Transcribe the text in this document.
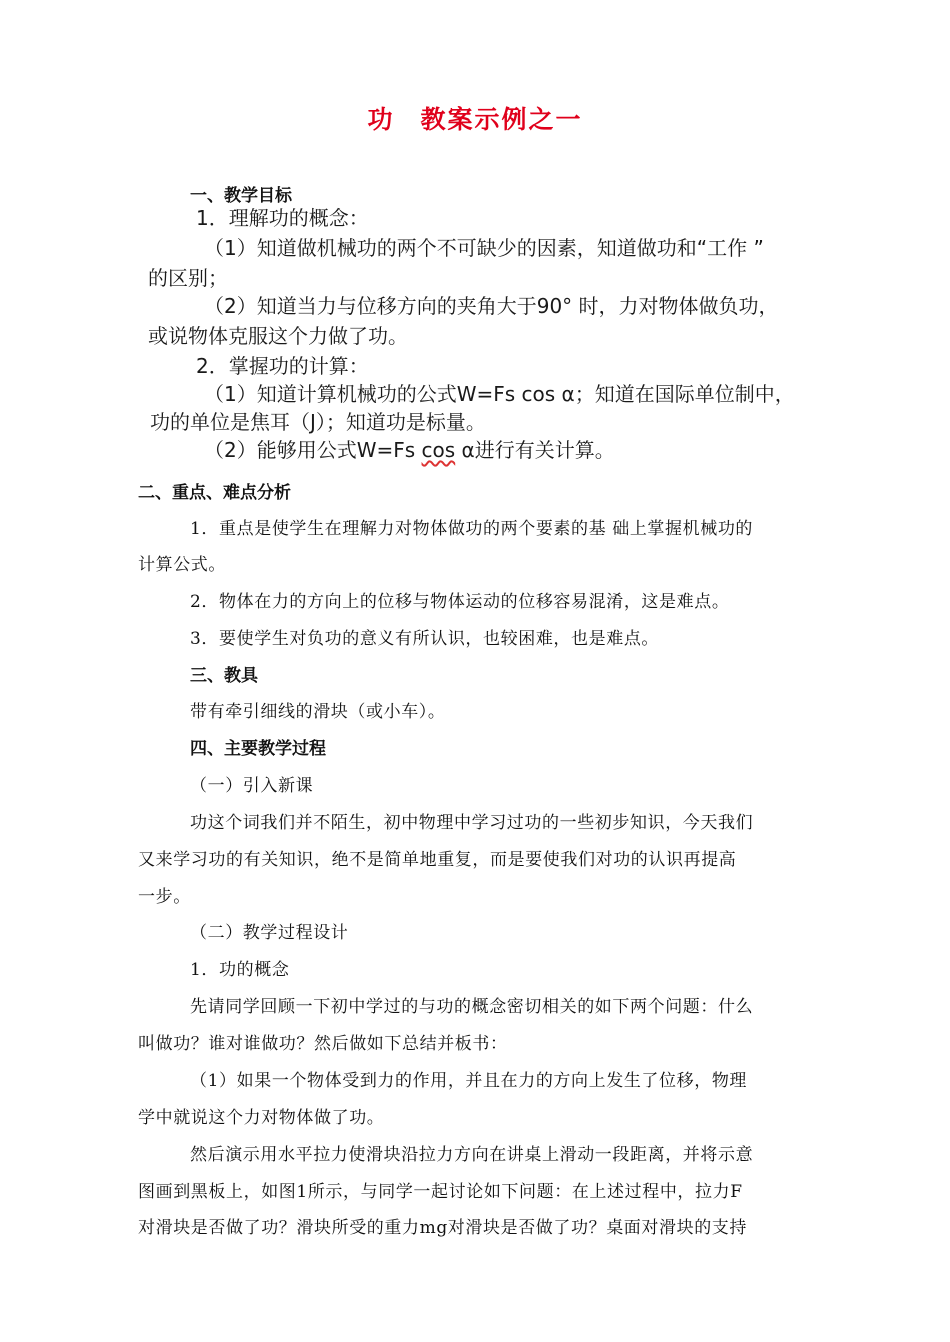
功 教案示例之一
一、教学目标
1．理解功的概念：
（1）知道做机械功的两个不可缺少的因素，知道做功和“工作 ”
的区别；
（2）知道当力与位移方向的夹角大于90° 时，力对物体做负功，
或说物体克服这个力做了功。
2．掌握功的计算：
（1）知道计算机械功的公式W=Fs cos α；知道在国际单位制中，
功的单位是焦耳（J）；知道功是标量。
（2）能够用公式W=Fs cos α进行有关计算。
二、重点、难点分析
1．重点是使学生在理解力对物体做功的两个要素的基 础上掌握机械功的
计算公式。
2．物体在力的方向上的位移与物体运动的位移容易混淆，这是难点。
3．要使学生对负功的意义有所认识，也较困难，也是难点。
三、教具
带有牵引细线的滑块（或小车）。
四、主要教学过程
（一）引入新课
功这个词我们并不陌生，初中物理中学习过功的一些初步知识，今天我们
又来学习功的有关知识，绝不是简单地重复，而是要使我们对功的认识再提高
一步。
（二）教学过程设计
1．功的概念
先请同学回顾一下初中学过的与功的概念密切相关的如下两个问题：什么
叫做功？谁对谁做功？然后做如下总结并板书：
（1）如果一个物体受到力的作用，并且在力的方向上发生了位移，物理
学中就说这个力对物体做了功。
然后演示用水平拉力使滑块沿拉力方向在讲桌上滑动一段距离，并将示意
图画到黑板上，如图1所示，与同学一起讨论如下问题：在上述过程中，拉力F
对滑块是否做了功？滑块所受的重力mg对滑块是否做了功？桌面对滑块的支持
